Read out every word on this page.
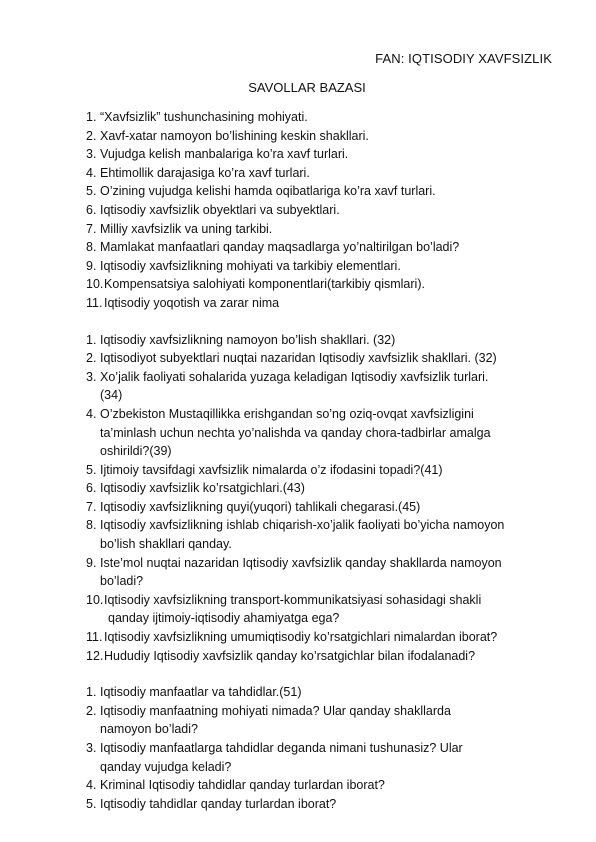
FAN: IQTISODIY XAVFSIZLIK
SAVOLLAR BAZASI
1. “Xavfsizlik” tushunchasining mohiyati.
2. Xavf-xatar namoyon bo’lishining keskin shakllari.
3. Vujudga kelish manbalariga ko’ra xavf turlari.
4. Ehtimollik darajasiga ko’ra xavf turlari.
5. O’zining vujudga kelishi hamda oqibatlariga ko’ra xavf turlari.
6. Iqtisodiy xavfsizlik obyektlari va subyektlari.
7. Milliy xavfsizlik va uning tarkibi.
8. Mamlakat manfaatlari qanday maqsadlarga yo’naltirilgan bo’ladi?
9. Iqtisodiy xavfsizlikning mohiyati va tarkibiy elementlari.
10. Kompensatsiya salohiyati komponentlari(tarkibiy qismlari).
11. Iqtisodiy yoqotish va zarar nima
1. Iqtisodiy xavfsizlikning namoyon bo’lish shakllari. (32)
2. Iqtisodiyot subyektlari nuqtai nazaridan Iqtisodiy xavfsizlik shakllari. (32)
3. Xo’jalik faoliyati sohalarida yuzaga keladigan Iqtisodiy xavfsizlik turlari.
(34)
4. O’zbekiston Mustaqillikka erishgandan so’ng oziq-ovqat xavfsizligini
ta’minlash uchun nechta yo’nalishda va qanday chora-tadbirlar amalga
oshirildi?(39)
5. Ijtimoiy tavsifdagi xavfsizlik nimalarda o’z ifodasini topadi?(41)
6. Iqtisodiy xavfsizlik ko’rsatgichlari.(43)
7. Iqtisodiy xavfsizlikning quyi(yuqori) tahlikali chegarasi.(45)
8. Iqtisodiy xavfsizlikning ishlab chiqarish-xo’jalik faoliyati bo’yicha namoyon
bo’lish shakllari qanday.
9. Iste’mol nuqtai nazaridan Iqtisodiy xavfsizlik qanday shakllarda namoyon
bo’ladi?
10. Iqtisodiy xavfsizlikning transport-kommunikatsiyasi sohasidagi shakli
qanday ijtimoiy-iqtisodiy ahamiyatga ega?
11. Iqtisodiy xavfsizlikning umumiqtisodiy ko’rsatgichlari nimalardan iborat?
12. Hududiy Iqtisodiy xavfsizlik qanday ko’rsatgichlar bilan ifodalanadi?
1. Iqtisodiy manfaatlar va tahdidlar.(51)
2. Iqtisodiy manfaatning mohiyati nimada? Ular qanday shakllarda
namoyon bo’ladi?
3. Iqtisodiy manfaatlarga tahdidlar deganda nimani tushunasiz? Ular
qanday vujudga keladi?
4. Kriminal Iqtisodiy tahdidlar qanday turlardan iborat?
5. Iqtisodiy tahdidlar qanday turlardan iborat?
